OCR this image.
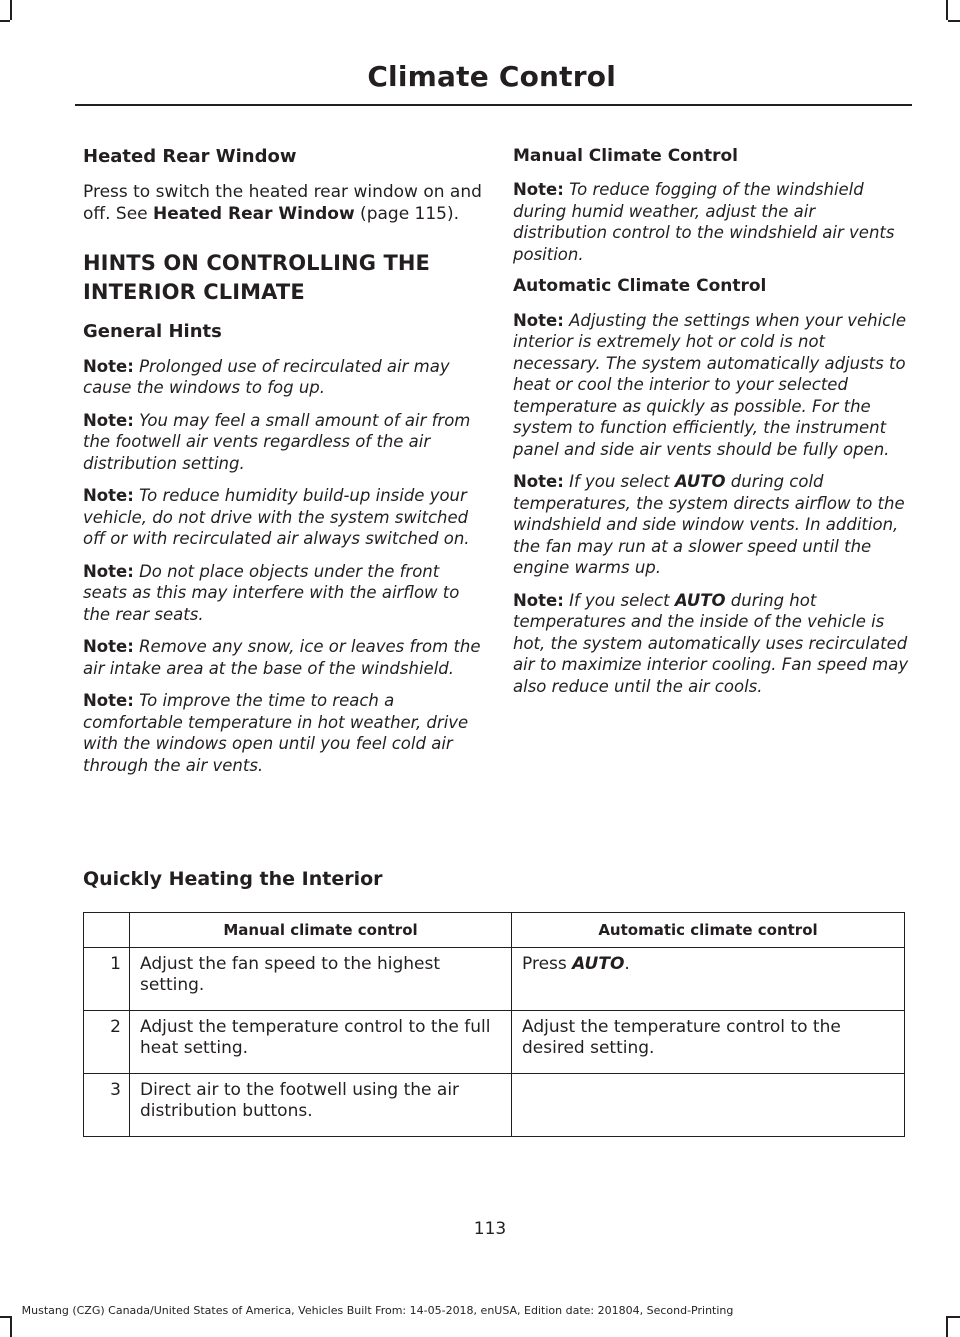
Climate Control
Heated Rear Window

Press to switch the heated rear window on and off. See Heated Rear Window (page 115).

HINTS ON CONTROLLING THE
INTERIOR CLIMATE
General Hints

Note: Prolonged use of recirculated air may cause the windows to fog up.

Note: You may feel a small amount of air from the footwell air vents regardless of the air distribution setting.

Note: To reduce humidity build-up inside your vehicle, do not drive with the system switched off or with recirculated air always switched on.

Note: Do not place objects under the front seats as this may interfere with the airflow to the rear seats.

Note: Remove any snow, ice or leaves from the air intake area at the base of the windshield.

Note: To improve the time to reach a comfortable temperature in hot weather, drive with the windows open until you feel cold air through the air vents.

Manual Climate Control

Note: To reduce fogging of the windshield during humid weather, adjust the air distribution control to the windshield air vents position.

Automatic Climate Control

Note: Adjusting the settings when your vehicle interior is extremely hot or cold is not necessary. The system automatically adjusts to heat or cool the interior to your selected temperature as quickly as possible. For the system to function efficiently, the instrument panel and side air vents should be fully open.

Note: If you select AUTO during cold temperatures, the system directs airflow to the windshield and side window vents. In addition, the fan may run at a slower speed until the engine warms up.

Note: If you select AUTO during hot temperatures and the inside of the vehicle is hot, the system automatically uses recirculated air to maximize interior cooling. Fan speed may also reduce until the air cools.

Quickly Heating the Interior
	Manual climate control	Automatic climate control
1	Adjust the fan speed to the highest setting.	Press AUTO.
2	Adjust the temperature control to the full heat setting.	Adjust the temperature control to the desired setting.
3	Direct air to the footwell using the air distribution buttons.	
113
Mustang (CZG) Canada/United States of America, Vehicles Built From: 14-05-2018, enUSA, Edition date: 201804, Second-Printing
